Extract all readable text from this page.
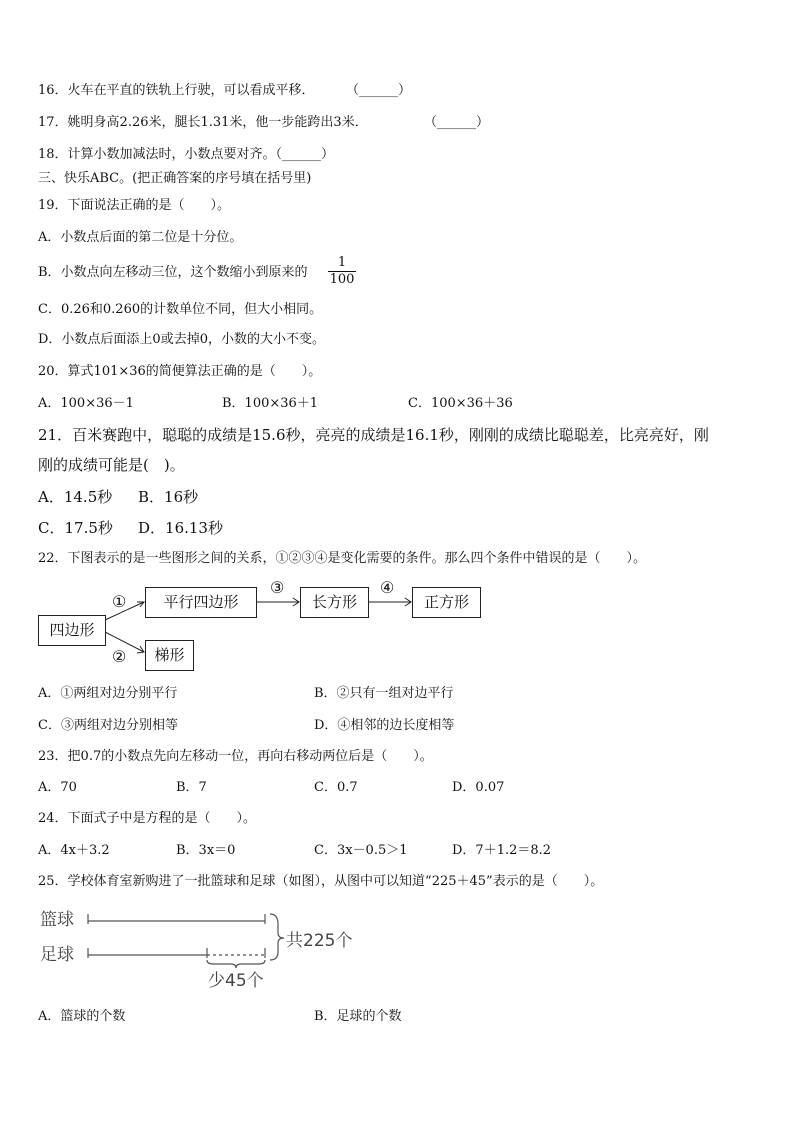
16．火车在平直的铁轨上行驶，可以看成平移． （______）
17．姚明身高2.26米，腿长1.31米，他一步能跨出3米．	（______）
18．计算小数加减法时，小数点要对齐。（______）
三、快乐ABC。(把正确答案的序号填在括号里)
19．下面说法正确的是（　　）。
A．小数点后面的第二位是十分位。
B．小数点向左移动三位，这个数缩小到原来的 $\frac{1}{100}$
C．0.26和0.260的计数单位不同，但大小相同。
D．小数点后面添上0或去掉0，小数的大小不变。
20．算式101×36的简便算法正确的是（　　）。
A．100×36－1	B．100×36＋1	C．100×36＋36
21．百米赛跑中，聪聪的成绩是15.6秒，亮亮的成绩是16.1秒，刚刚的成绩比聪聪差，比亮亮好，刚
刚的成绩可能是(　)。
A．14.5秒 B．16秒
C．17.5秒 D．16.13秒
22．下图表示的是一些图形之间的关系，①②③④是变化需要的条件。那么四个条件中错误的是（　　）。
四边形
平行四边形	长方形	正方形
梯形
①
②
③	④
A．①两组对边分别平行	B．②只有一组对边平行
C．③两组对边分别相等	D．④相邻的边长度相等
23．把0.7的小数点先向左移动一位，再向右移动两位后是（　　）。
A．70	B．7	C．0.7	D．0.07
24．下面式子中是方程的是（　　）。
A．4x＋3.2	B．3x＝0	C．3x－0.5＞1	D．7＋1.2＝8.2
25．学校体育室新购进了一批篮球和足球（如图），从图中可以知道“225＋45”表示的是（　　）。
篮球
足球
共225个
少45个
A．篮球的个数	B．足球的个数
